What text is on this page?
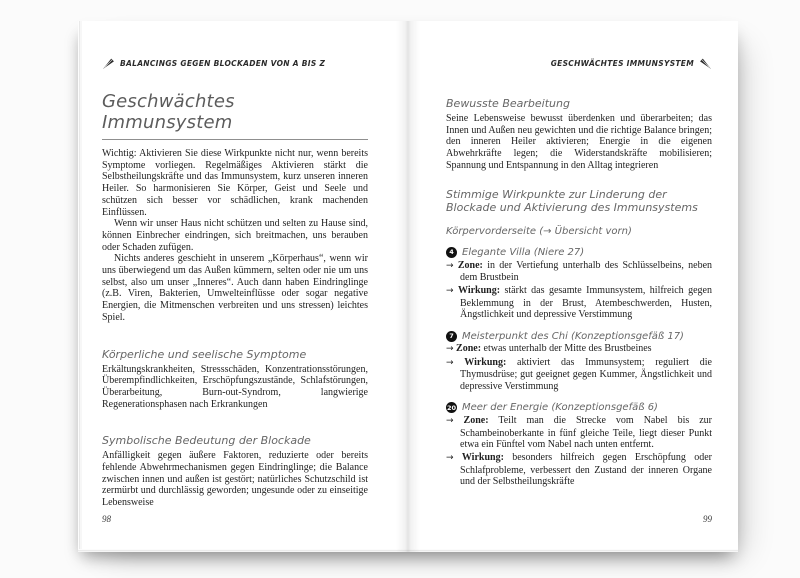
BALANCINGS GEGEN BLOCKADEN VON A BIS Z
Geschwächtes Immunsystem

Wichtig: Aktivieren Sie diese Wirkpunkte nicht nur, wenn bereits Symptome vorliegen. Regelmäßiges Aktivieren stärkt die Selbstheilungskräfte und das Immunsystem, kurz unseren inneren Heiler. So harmonisieren Sie Körper, Geist und Seele und schützen sich besser vor schädlichen, krank machenden Einflüssen.

Wenn wir unser Haus nicht schützen und selten zu Hause sind, können Einbrecher eindringen, sich breitmachen, uns berauben oder Schaden zufügen.

Nichts anderes geschieht in unserem „Körperhaus“, wenn wir uns überwiegend um das Außen kümmern, selten oder nie um uns selbst, also um unser „Inneres“. Auch dann haben Eindringlinge (z.B. Viren, Bakterien, Umwelteinflüsse oder sogar negative Energien, die Mitmenschen verbreiten und uns stressen) leichtes Spiel.

Körperliche und seelische Symptome

Erkältungskrankheiten, Stressschäden, Konzentrationsstörungen, Überempfindlichkeiten, Erschöpfungszustände, Schlafstörungen, Überarbeitung, Burn-out-Syndrom, langwierige Regenerationsphasen nach Erkrankungen

Symbolische Bedeutung der Blockade

Anfälligkeit gegen äußere Faktoren, reduzierte oder bereits fehlende Abwehrmechanismen gegen Eindringlinge; die Balance zwischen innen und außen ist gestört; natürliches Schutzschild ist zermürbt und durchlässig geworden; ungesunde oder zu einseitige Lebensweise

98
GESCHWÄCHTES IMMUNSYSTEM
Bewusste Bearbeitung

Seine Lebensweise bewusst überdenken und überarbeiten; das Innen und Außen neu gewichten und die richtige Balance bringen; den inneren Heiler aktivieren; Energie in die eigenen Abwehrkräfte legen; die Widerstandskräfte mobilisieren; Spannung und Entspannung in den Alltag integrieren

Stimmige Wirkpunkte zur Linderung der Blockade und Aktivierung des Immunsystems
Körpervorderseite (→ Übersicht vorn)
4 Elegante Villa (Niere 27)
→ Zone: in der Vertiefung unterhalb des Schlüsselbeins, neben dem Brustbein
→ Wirkung: stärkt das gesamte Immunsystem, hilfreich gegen Beklemmung in der Brust, Atembeschwerden, Husten, Ängstlichkeit und depressive Verstimmung
7 Meisterpunkt des Chi (Konzeptionsgefäß 17)
→ Zone: etwas unterhalb der Mitte des Brustbeines
→ Wirkung: aktiviert das Immunsystem; reguliert die Thymusdrüse; gut geeignet gegen Kummer, Ängstlichkeit und depressive Verstimmung
20 Meer der Energie (Konzeptionsgefäß 6)
→ Zone: Teilt man die Strecke vom Nabel bis zur Schambeinoberkante in fünf gleiche Teile, liegt dieser Punkt etwa ein Fünftel vom Nabel nach unten entfernt.
→ Wirkung: besonders hilfreich gegen Erschöpfung oder Schlafprobleme, verbessert den Zustand der inneren Organe und der Selbstheilungskräfte
99
